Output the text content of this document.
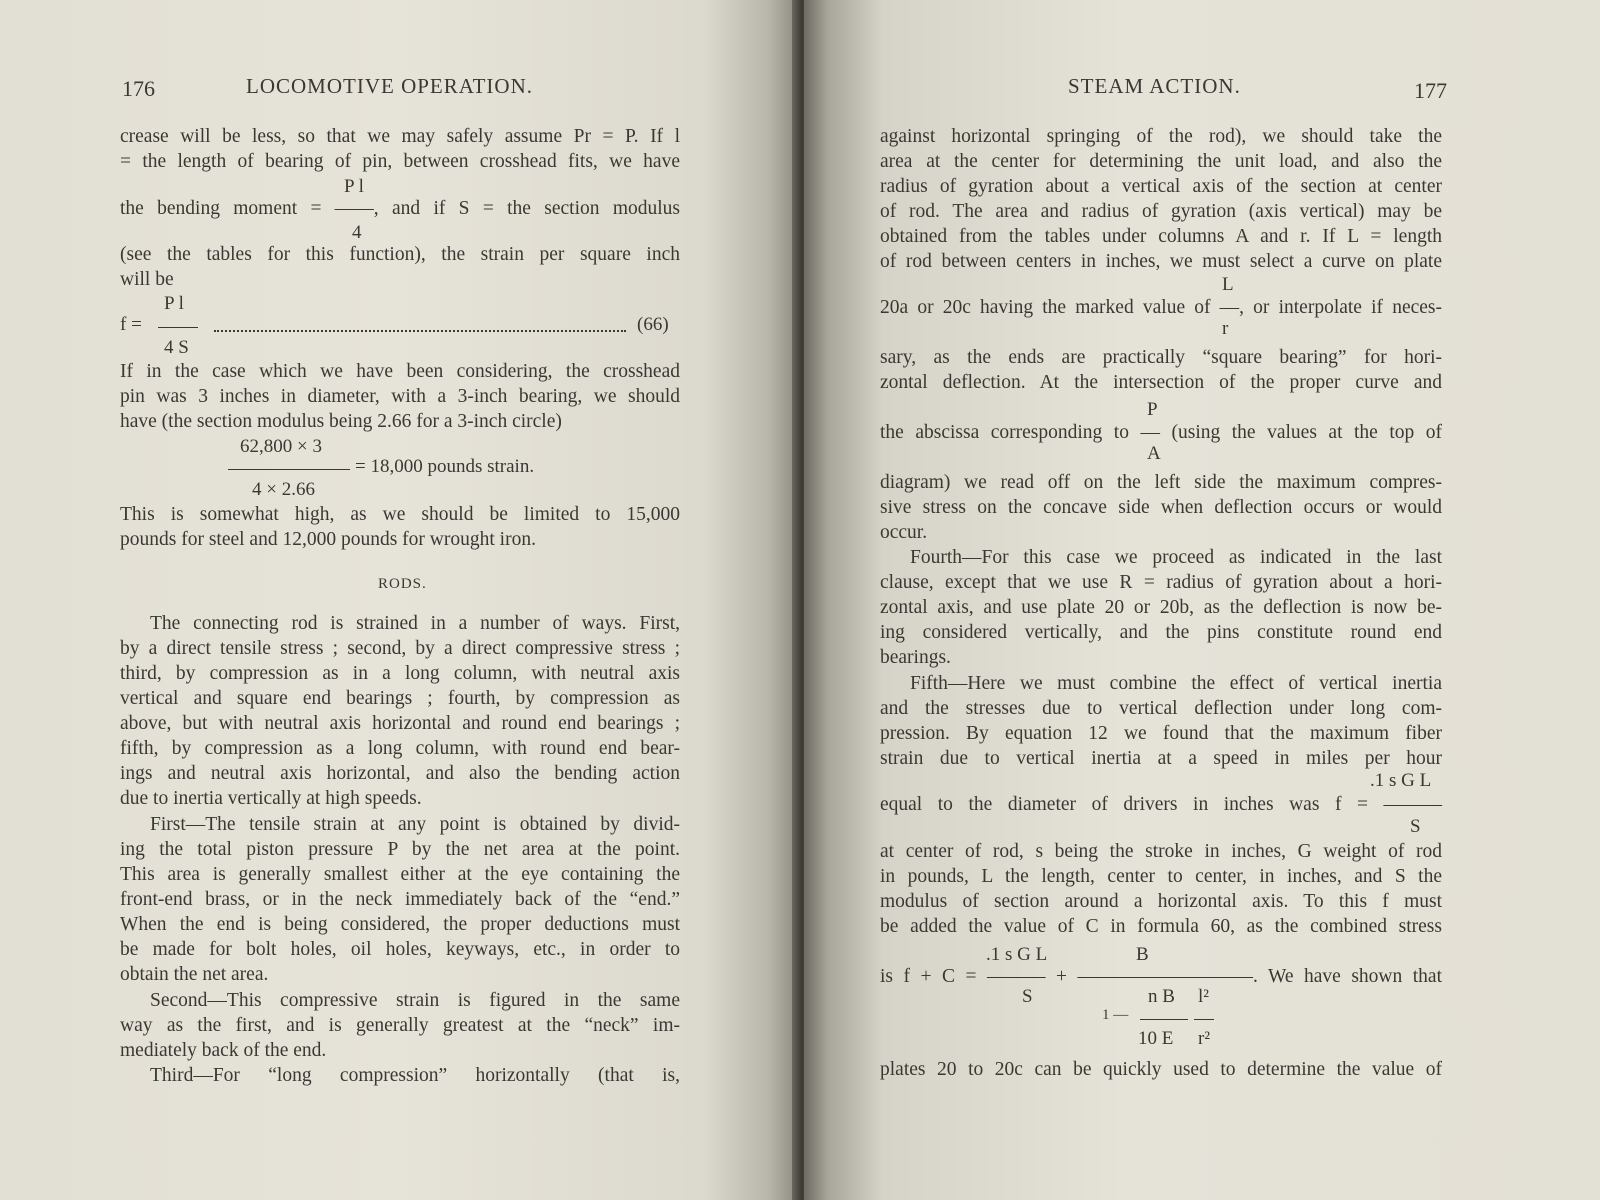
176	LOCOMOTIVE OPERATION.
crease will be less, so that we may safely assume Pr = P. If l
= the length of bearing of pin, between crosshead fits, we have
P l
the bending moment = ——, and if S = the section modulus
4
(see the tables for this function), the strain per square inch
will be
P l
f =	(66)
4 S
If in the case which we have been considering, the crosshead
pin was 3 inches in diameter, with a 3-inch bearing, we should
have (the section modulus being 2.66 for a 3-inch circle)
62,800 × 3
= 18,000 pounds strain.
4 × 2.66
This is somewhat high, as we should be limited to 15,000
pounds for steel and 12,000 pounds for wrought iron.
RODS.
The connecting rod is strained in a number of ways. First,
by a direct tensile stress ; second, by a direct compressive stress ;
third, by compression as in a long column, with neutral axis
vertical and square end bearings ; fourth, by compression as
above, but with neutral axis horizontal and round end bearings ;
fifth, by compression as a long column, with round end bear-
ings and neutral axis horizontal, and also the bending action
due to inertia vertically at high speeds.
First—The tensile strain at any point is obtained by divid-
ing the total piston pressure P by the net area at the point.
This area is generally smallest either at the eye containing the
front-end brass, or in the neck immediately back of the “end.”
When the end is being considered, the proper deductions must
be made for bolt holes, oil holes, keyways, etc., in order to
obtain the net area.
Second—This compressive strain is figured in the same
way as the first, and is generally greatest at the “neck” im-
mediately back of the end.
Third—For “long compression” horizontally (that is,
STEAM ACTION.	177
against horizontal springing of the rod), we should take the
area at the center for determining the unit load, and also the
radius of gyration about a vertical axis of the section at center
of rod. The area and radius of gyration (axis vertical) may be
obtained from the tables under columns A and r. If L = length
of rod between centers in inches, we must select a curve on plate
L
20a or 20c having the marked value of —, or interpolate if neces-
r
sary, as the ends are practically “square bearing” for hori-
zontal deflection. At the intersection of the proper curve and
P
the abscissa corresponding to — (using the values at the top of
A
diagram) we read off on the left side the maximum compres-
sive stress on the concave side when deflection occurs or would
occur.
Fourth—For this case we proceed as indicated in the last
clause, except that we use R = radius of gyration about a hori-
zontal axis, and use plate 20 or 20b, as the deflection is now be-
ing considered vertically, and the pins constitute round end
bearings.
Fifth—Here we must combine the effect of vertical inertia
and the stresses due to vertical deflection under long com-
pression. By equation 12 we found that the maximum fiber
strain due to vertical inertia at a speed in miles per hour
.1 s G L
equal to the diameter of drivers in inches was f = ———
S
at center of rod, s being the stroke in inches, G weight of rod
in pounds, L the length, center to center, in inches, and S the
modulus of section around a horizontal axis. To this f must
be added the value of C in formula 60, as the combined stress
.1 s G L	B
is f + C = ——— + —————————. We have shown that
S	n B l²
1 —
10 E r²
plates 20 to 20c can be quickly used to determine the value of
